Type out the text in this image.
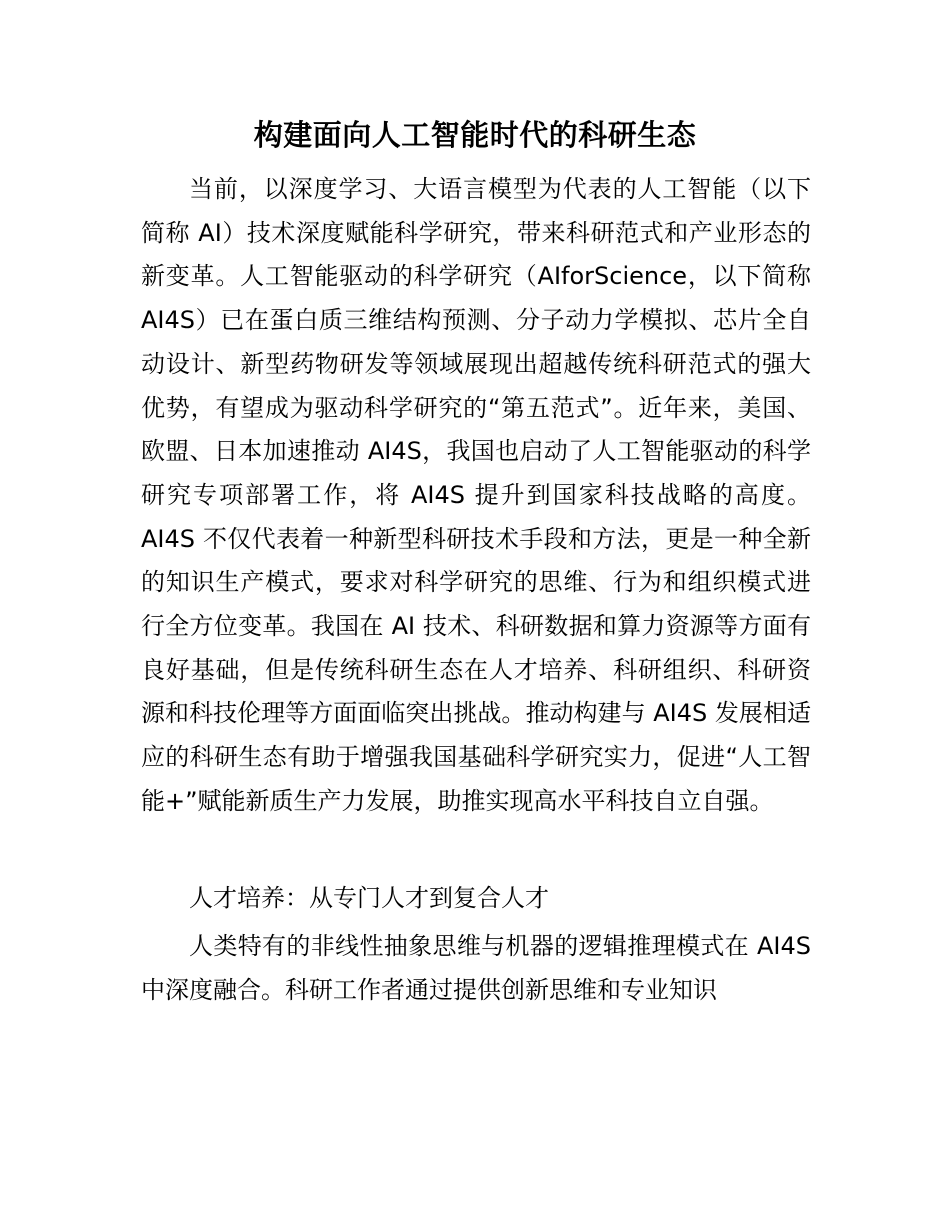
构建面向人工智能时代的科研生态

当前，以深度学习、大语言模型为代表的人工智能（以下简称 AI）技术深度赋能科学研究，带来科研范式和产业形态的新变革。人工智能驱动的科学研究（AIforScience，以下简称 AI4S）已在蛋白质三维结构预测、分子动力学模拟、芯片全自动设计、新型药物研发等领域展现出超越传统科研范式的强大优势，有望成为驱动科学研究的“第五范式”。近年来，美国、欧盟、日本加速推动 AI4S，我国也启动了人工智能驱动的科学研究专项部署工作，将 AI4S 提升到国家科技战略的高度。AI4S 不仅代表着一种新型科研技术手段和方法，更是一种全新的知识生产模式，要求对科学研究的思维、行为和组织模式进行全方位变革。我国在 AI 技术、科研数据和算力资源等方面有良好基础，但是传统科研生态在人才培养、科研组织、科研资源和科技伦理等方面面临突出挑战。推动构建与 AI4S 发展相适应的科研生态有助于增强我国基础科学研究实力，促进“人工智能+”赋能新质生产力发展，助推实现高水平科技自立自强。

人才培养：从专门人才到复合人才

人类特有的非线性抽象思维与机器的逻辑推理模式在 AI4S 中深度融合。科研工作者通过提供创新思维和专业知识
